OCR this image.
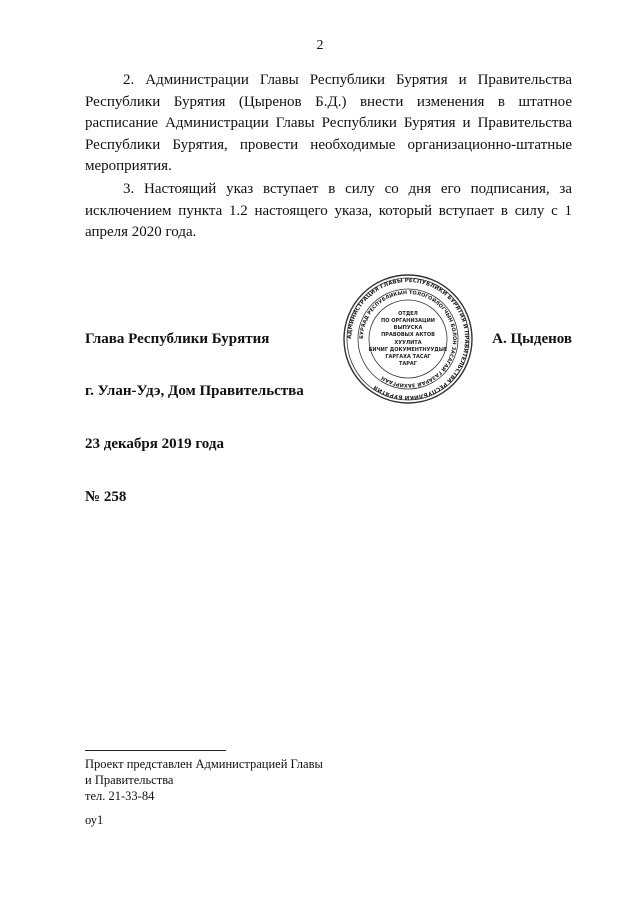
2

2. Администрации Главы Республики Бурятия и Правительства Республики Бурятия (Цыренов Б.Д.) внести изменения в штатное расписание Администрации Главы Республики Бурятия и Правительства Республики Бурятия, провести необходимые организационно-штатные мероприятия.

3. Настоящий указ вступает в силу со дня его подписания, за исключением пункта 1.2 настоящего указа, который вступает в силу с 1 апреля 2020 года.

Глава Республики Бурятия	А. Цыденов
г. Улан-Удэ, Дом Правительства
23 декабря 2019 года
№ 258
АДМИНИСТРАЦИЯ ГЛАВЫ РЕСПУБЛИКИ БУРЯТИЯ И ПРАВИТЕЛЬСТВА РЕСПУБЛИКИ БУРЯТИЯ
БУРЯАД РЕСПУБЛИКЫН ТОЛОГОЙЛОГЧЫН БОЛОН ЗАСАГАЙ ГАЗАРАЙ ЗАХИРГААН
ОТДЕЛ
ПО ОРГАНИЗАЦИИ
ВЫПУСКА
ПРАВОВЫХ АКТОВ
ХУУЛИТА
БИЧИГ ДОКУМЕНТНУУДЫЕ
ГАРГАХА ТАСАГ
ТАРАГ
Проект представлен Администрацией Главы
и Правительства
тел. 21-33-84
оу1
